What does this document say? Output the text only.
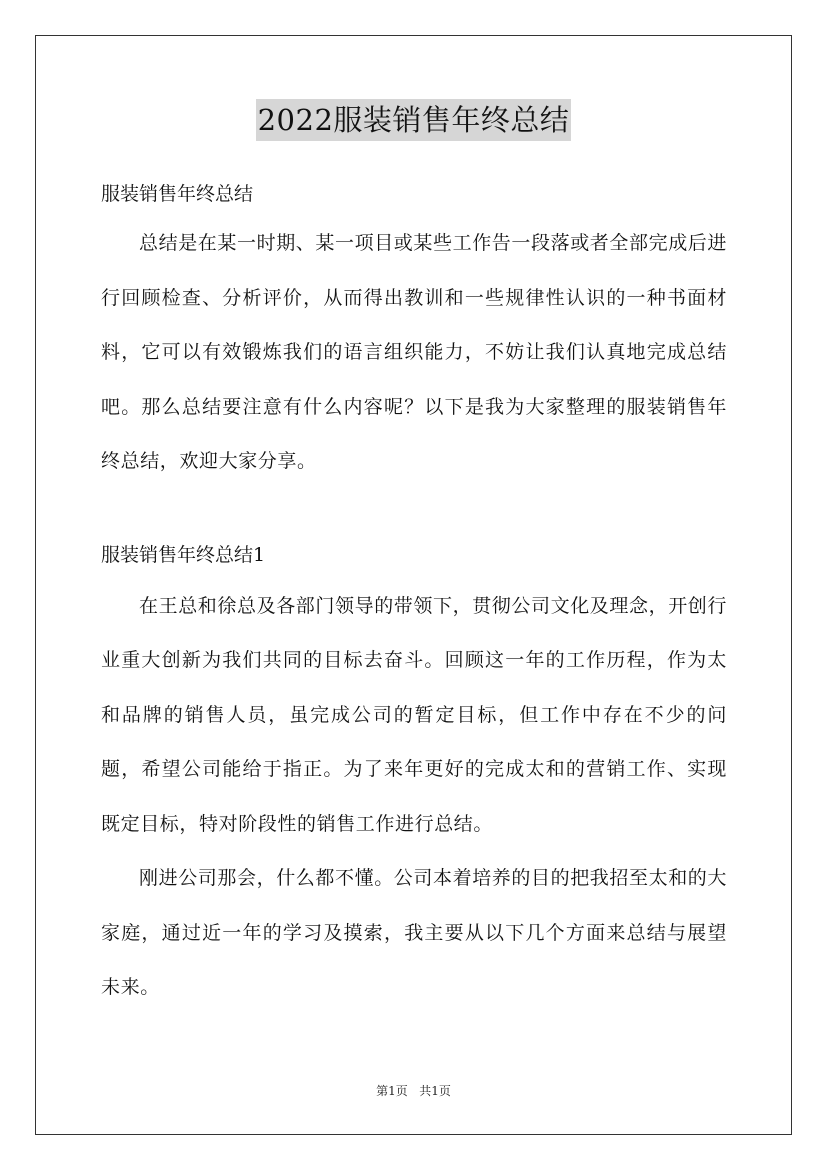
2022服装销售年终总结

服装销售年终总结

总结是在某一时期、某一项目或某些工作告一段落或者全部完成后进行回顾检查、分析评价，从而得出教训和一些规律性认识的一种书面材料，它可以有效锻炼我们的语言组织能力，不妨让我们认真地完成总结吧。那么总结要注意有什么内容呢？以下是我为大家整理的服装销售年终总结，欢迎大家分享。

服装销售年终总结1

在王总和徐总及各部门领导的带领下，贯彻公司文化及理念，开创行业重大创新为我们共同的目标去奋斗。回顾这一年的工作历程，作为太和品牌的销售人员，虽完成公司的暂定目标，但工作中存在不少的问题，希望公司能给于指正。为了来年更好的完成太和的营销工作、实现既定目标，特对阶段性的销售工作进行总结。

刚进公司那会，什么都不懂。公司本着培养的目的把我招至太和的大家庭，通过近一年的学习及摸索，我主要从以下几个方面来总结与展望未来。

第1页 共1页
